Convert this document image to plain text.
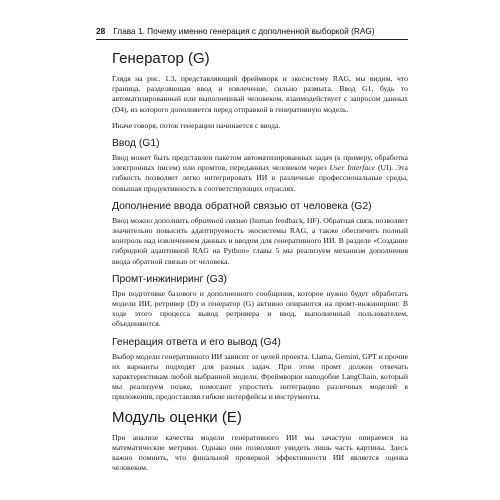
28 Глава 1. Почему именно генерация с дополненной выборкой (RAG)
Генератор (G)

Глядя на рис. 1.3, представляющий фреймворк и экосистему RAG, мы видим, что граница, разделяющая ввод и извлечение, сильно размыта. Ввод G1, будь то автоматизированный или выполненный человеком, взаимодействует с запросом данных (D4), из которого дополняется перед отправкой в генеративную модель.

Иначе говоря, поток генерации начинается с ввода.

Ввод (G1)

Ввод может быть представлен пакетом автоматизированных задач (к примеру, обработка электронных писем) или промтов, переданных человеком через User Interface (UI). Эта гибкость позволяет легко интегрировать ИИ в различные профессиональные среды, повышая продуктивность в соответствующих отраслях.

Дополнение ввода обратной связью от человека (G2)

Ввод можно дополнить обратной связью (human feedback, HF). Обратная связь позволяет значительно повысить адаптируемость экосистемы RAG, а также обеспечить полный контроль над извлечением данных и вводом для генеративного ИИ. В разделе «Создание гибридной адаптивной RAG на Python» главы 5 мы реализуем механизм дополнения ввода обратной связью от человека.

Промт-инжиниринг (G3)

При подготовке базового и дополненного сообщения, которое нужно будет обработать модели ИИ, ретривер (D) и генератор (G) активно опираются на промт-инжиниринг. В ходе этого процесса вывод ретривера и ввод, выполненный пользователем, объединяются.

Генерация ответа и его вывод (G4)

Выбор модели генеративного ИИ зависит от целей проекта. Llama, Gemini, GPT и прочие их варианты подходят для разных задач. При этом промт должен отвечать характеристикам любой выбранной модели. Фреймворки наподобие LangChain, который мы реализуем позже, помогают упростить интеграцию различных моделей в приложения, предоставляя гибкие интерфейсы и инструменты.

Модуль оценки (E)

При анализе качества модели генеративного ИИ мы зачастую опираемся на математические метрики. Однако они позволяют увидеть лишь часть картины. Здесь важно помнить, что финальной проверкой эффективности ИИ является оценка человеком.
